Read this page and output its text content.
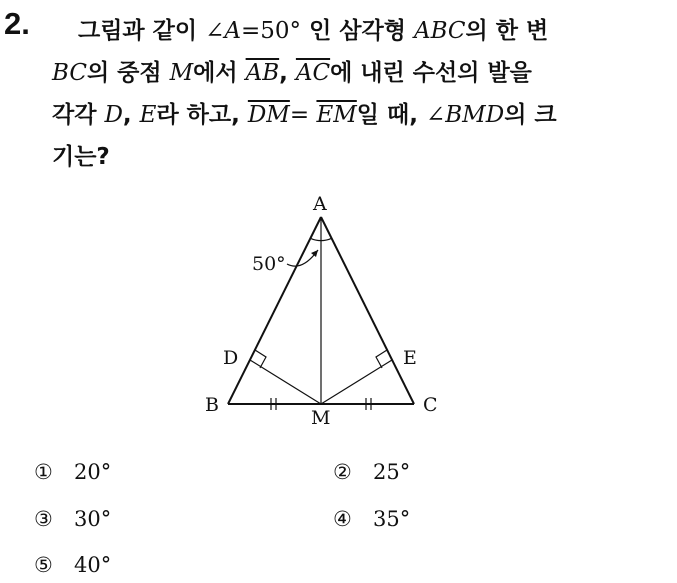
2.	그림과 같이 ∠A=50° 인 삼각형 ABC의 한 변
BC의 중점 M에서 $\overline{AB}$, $\overline{AC}$에 내린 수선의 발을
각각 D, E라 하고, $\overline{DM}= \overline{EM}$일 때, ∠BMD의 크
기는?
A
B	C
D	E
M
50°
① 20°	② 25°
③ 30°	④ 35°
⑤ 40°
